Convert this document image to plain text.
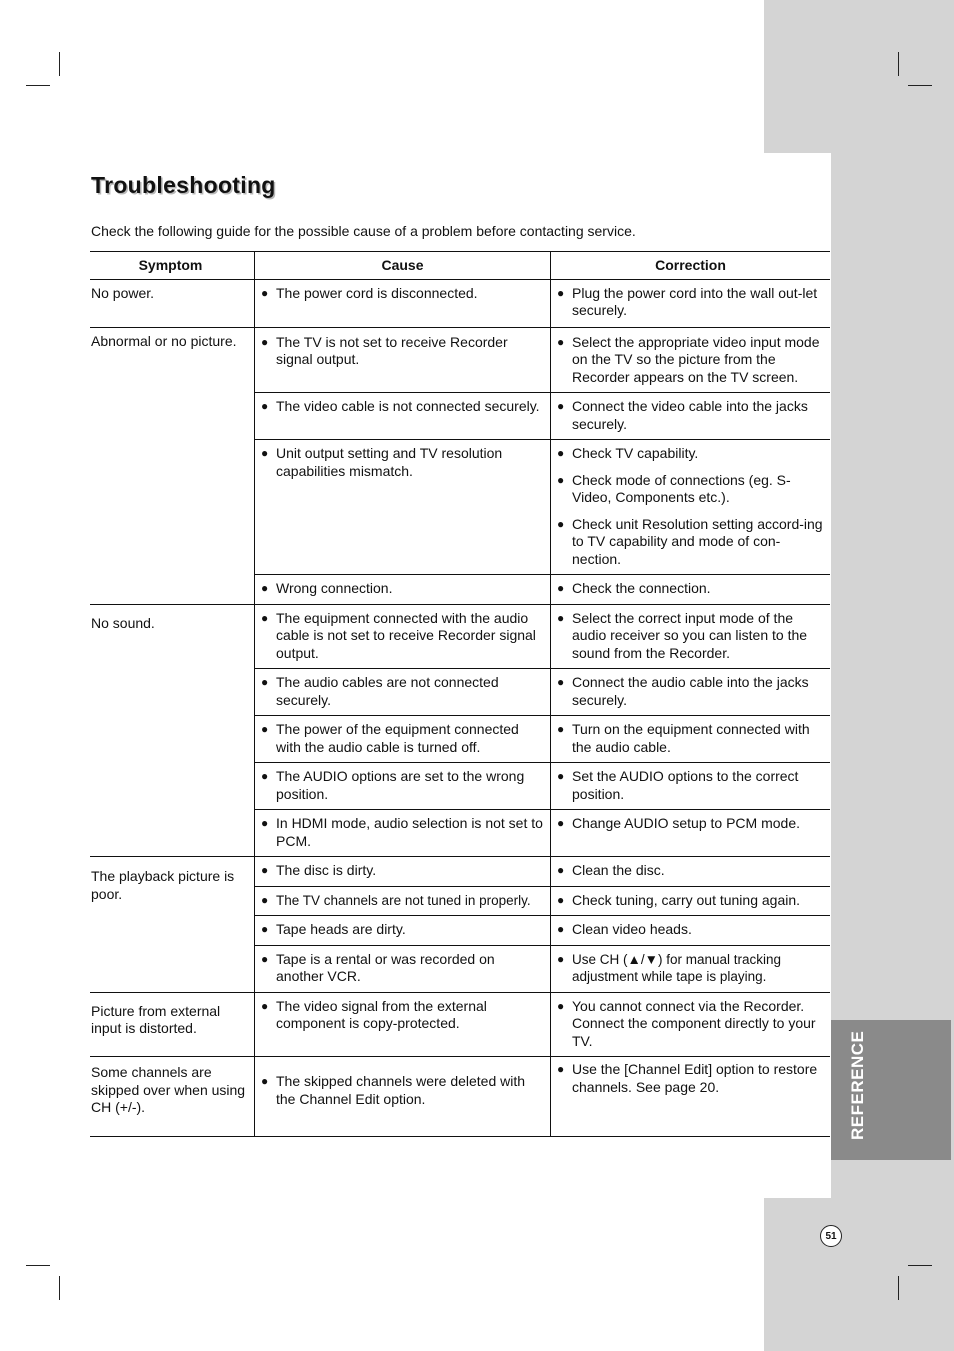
REFERENCE
51
Troubleshooting
Check the following guide for the possible cause of a problem before contacting service.
Symptom	Cause	Correction
No power.	● The power cord is disconnected.	● Plug the power cord into the wall out-let securely.

Abnormal or no picture.	● The TV is not set to receive Recorder signal output.	● Select the appropriate video input mode on the TV so the picture from the Recorder appears on the TV screen.

	● The video cable is not connected securely.	● Connect the video cable into the jacks securely.

	● Unit output setting and TV resolution capabilities mismatch.	● Check TV capability.
● Check mode of connections (eg. S-Video, Components etc.).
● Check unit Resolution setting accord-ing to TV capability and mode of con-nection.

	● Wrong connection.	● Check the connection.

No sound.	● The equipment connected with the audio cable is not set to receive Recorder signal output.	● Select the correct input mode of the audio receiver so you can listen to the sound from the Recorder.

	● The audio cables are not connected securely.	● Connect the audio cable into the jacks securely.

	● The power of the equipment connected with the audio cable is turned off.	● Turn on the equipment connected with the audio cable.

	● The AUDIO options are set to the wrong position.	● Set the AUDIO options to the correct position.

	● In HDMI mode, audio selection is not set to PCM.	● Change AUDIO setup to PCM mode.

The playback picture is poor.	● The disc is dirty.	● Clean the disc.

	● The TV channels are not tuned in properly.	● Check tuning, carry out tuning again.

	● Tape heads are dirty.	● Clean video heads.

	● Tape is a rental or was recorded on another VCR.	● Use CH (▲/▼) for manual tracking adjustment while tape is playing.

Picture from external input is distorted.	● The video signal from the external component is copy-protected.	● You cannot connect via the Recorder. Connect the component directly to your TV.

Some channels are skipped over when using CH (+/-).	● The skipped channels were deleted with the Channel Edit option.	● Use the [Channel Edit] option to restore channels. See page 20.
